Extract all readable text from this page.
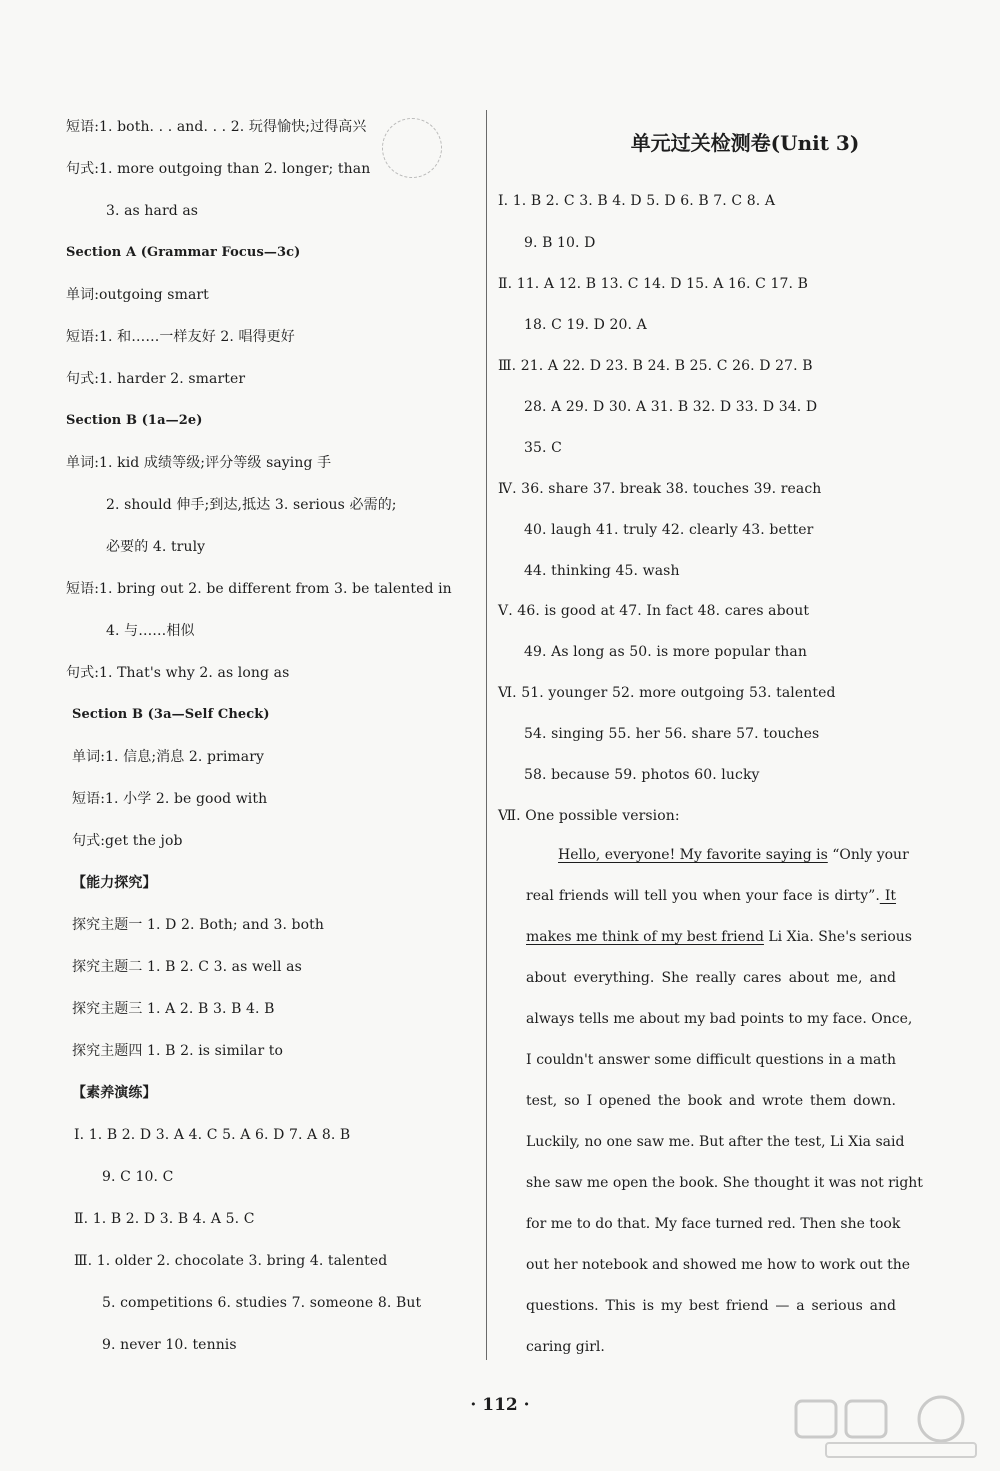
短语:1. both. . . and. . . 2. 玩得愉快;过得高兴
句式:1. more outgoing than 2. longer; than
3. as hard as
Section A (Grammar Focus—3c)
单词:outgoing smart
短语:1. 和……一样友好 2. 唱得更好
句式:1. harder 2. smarter
Section B (1a—2e)
单词:1. kid 成绩等级;评分等级 saying 手
2. should 伸手;到达,抵达 3. serious 必需的;
必要的 4. truly
短语:1. bring out 2. be different from 3. be talented in
4. 与……相似
句式:1. That's why 2. as long as
Section B (3a—Self Check)
单词:1. 信息;消息 2. primary
短语:1. 小学 2. be good with
句式:get the job
【能力探究】
探究主题一 1. D 2. Both; and 3. both
探究主题二 1. B 2. C 3. as well as
探究主题三 1. A 2. B 3. B 4. B
探究主题四 1. B 2. is similar to
【素养演练】
Ⅰ. 1. B 2. D 3. A 4. C 5. A 6. D 7. A 8. B
9. C 10. C
Ⅱ. 1. B 2. D 3. B 4. A 5. C
Ⅲ. 1. older 2. chocolate 3. bring 4. talented
5. competitions 6. studies 7. someone 8. But
9. never 10. tennis
单元过关检测卷(Unit 3)
Ⅰ. 1. B 2. C 3. B 4. D 5. D 6. B 7. C 8. A
9. B 10. D
Ⅱ. 11. A 12. B 13. C 14. D 15. A 16. C 17. B
18. C 19. D 20. A
Ⅲ. 21. A 22. D 23. B 24. B 25. C 26. D 27. B
28. A 29. D 30. A 31. B 32. D 33. D 34. D
35. C
Ⅳ. 36. share 37. break 38. touches 39. reach
40. laugh 41. truly 42. clearly 43. better
44. thinking 45. wash
Ⅴ. 46. is good at 47. In fact 48. cares about
49. As long as 50. is more popular than
Ⅵ. 51. younger 52. more outgoing 53. talented
54. singing 55. her 56. share 57. touches
58. because 59. photos 60. lucky
Ⅶ. One possible version:
Hello, everyone! My favorite saying is “Only your
real friends will tell you when your face is dirty”. It
makes me think of my best friend Li Xia. She's serious
about everything. She really cares about me, and
always tells me about my bad points to my face. Once,
I couldn't answer some difficult questions in a math
test, so I opened the book and wrote them down.
Luckily, no one saw me. But after the test, Li Xia said
she saw me open the book. She thought it was not right
for me to do that. My face turned red. Then she took
out her notebook and showed me how to work out the
questions. This is my best friend — a serious and
caring girl.
· 112 ·
